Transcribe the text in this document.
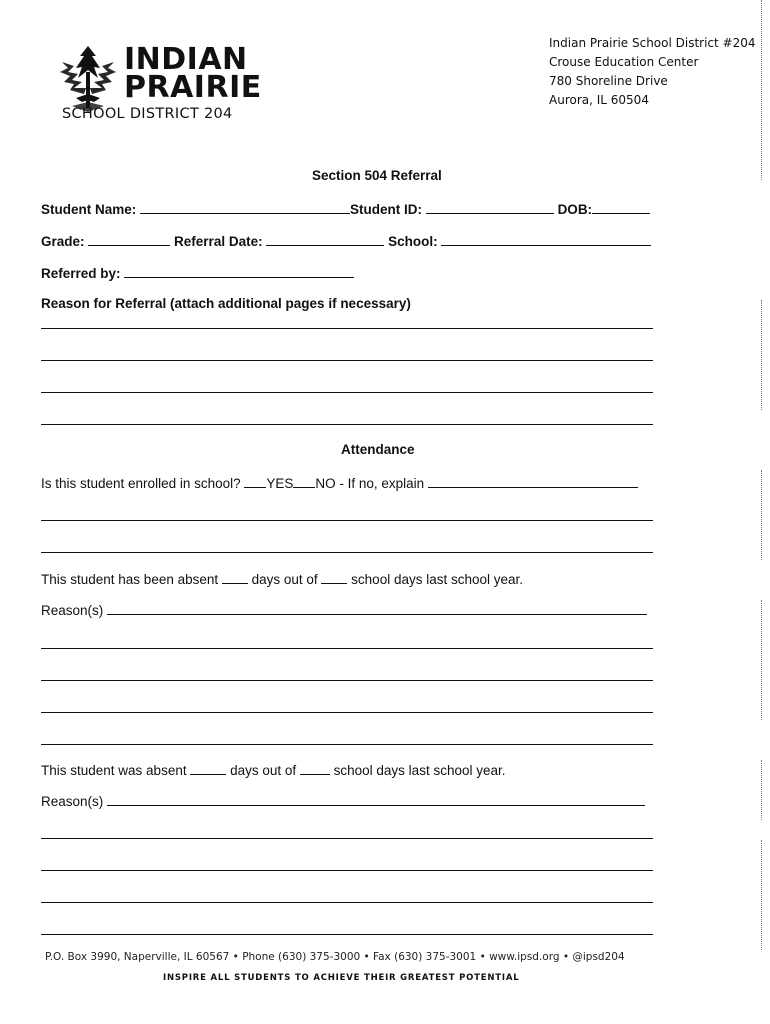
INDIAN
PRAIRIE
SCHOOL DISTRICT 204
Indian Prairie School District #204
Crouse Education Center
780 Shoreline Drive
Aurora, IL 60504
Section 504 Referral
Student Name:	Student ID:	DOB:
Grade:	Referral Date:	School:
Referred by:
Reason for Referral (attach additional pages if necessary)
Attendance
Is this student enrolled in school? YES NO - If no, explain
This student has been absent  days out of  school days last school year.
Reason(s)
This student was absent	days out of  school days last school year.
Reason(s)
P.O. Box 3990, Naperville, IL 60567 • Phone (630) 375-3000 • Fax (630) 375-3001 • www.ipsd.org • @ipsd204
INSPIRE ALL STUDENTS TO ACHIEVE THEIR GREATEST POTENTIAL
